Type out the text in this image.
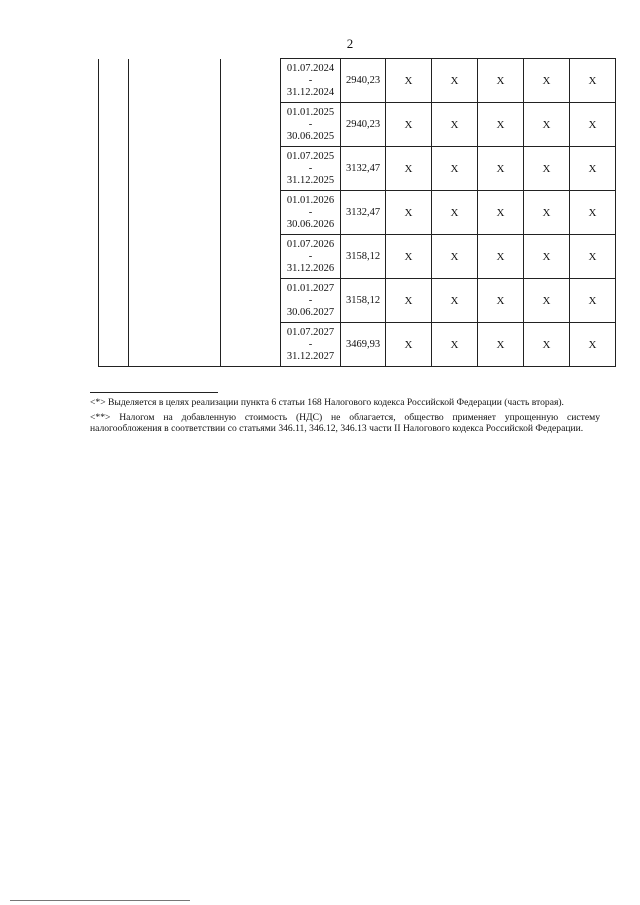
2

			01.07.2024
-
31.12.2024	2940,23	Х	Х	Х	Х	Х

			01.01.2025
-
30.06.2025	2940,23	Х	Х	Х	Х	Х

			01.07.2025
-
31.12.2025	3132,47	Х	Х	Х	Х	Х

			01.01.2026
-
30.06.2026	3132,47	Х	Х	Х	Х	Х

			01.07.2026
-
31.12.2026	3158,12	Х	Х	Х	Х	Х

			01.01.2027
-
30.06.2027	3158,12	Х	Х	Х	Х	Х

			01.07.2027
-
31.12.2027	3469,93	Х	Х	Х	Х	Х

<*> Выделяется в целях реализации пункта 6 статьи 168 Налогового кодекса Российской Федерации (часть вторая).

<**> Налогом на добавленную стоимость (НДС) не облагается, общество применяет упрощенную систему налогообложения в соответствии со статьями 346.11, 346.12, 346.13 части II Налогового кодекса Российской Федерации.
